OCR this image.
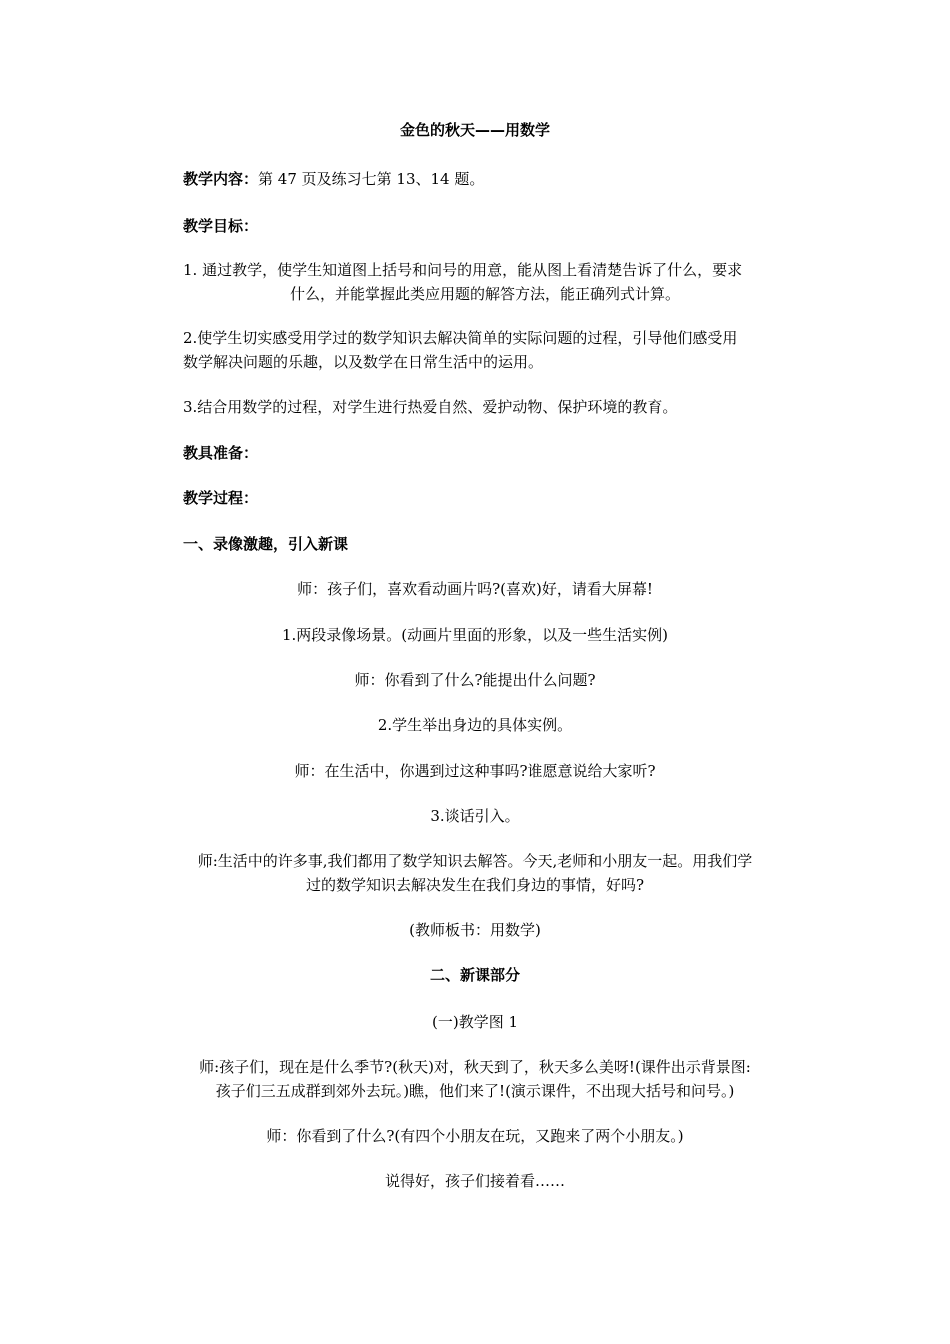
金色的秋天——用数学
教学内容：第 47 页及练习七第 13、14 题。
教学目标：
1. 通过教学，使学生知道图上括号和问号的用意，能从图上看清楚告诉了什么，要求
什么，并能掌握此类应用题的解答方法，能正确列式计算。
2.使学生切实感受用学过的数学知识去解决简单的实际问题的过程，引导他们感受用
数学解决问题的乐趣，以及数学在日常生活中的运用。
3.结合用数学的过程，对学生进行热爱自然、爱护动物、保护环境的教育。
教具准备：
教学过程：
一、录像激趣，引入新课
师：孩子们，喜欢看动画片吗?(喜欢)好，请看大屏幕!
1.两段录像场景。(动画片里面的形象，以及一些生活实例)
师：你看到了什么?能提出什么问题?
2.学生举出身边的具体实例。
师：在生活中，你遇到过这种事吗?谁愿意说给大家听?
3.谈话引入。
师:生活中的许多事,我们都用了数学知识去解答。今天,老师和小朋友一起。用我们学
过的数学知识去解决发生在我们身边的事情，好吗?
(教师板书：用数学)
二、新课部分
(一)教学图 1
师:孩子们，现在是什么季节?(秋天)对，秋天到了，秋天多么美呀!(课件出示背景图:
孩子们三五成群到郊外去玩。)瞧，他们来了!(演示课件，不出现大括号和问号。)
师：你看到了什么?(有四个小朋友在玩，又跑来了两个小朋友。)
说得好，孩子们接着看……
